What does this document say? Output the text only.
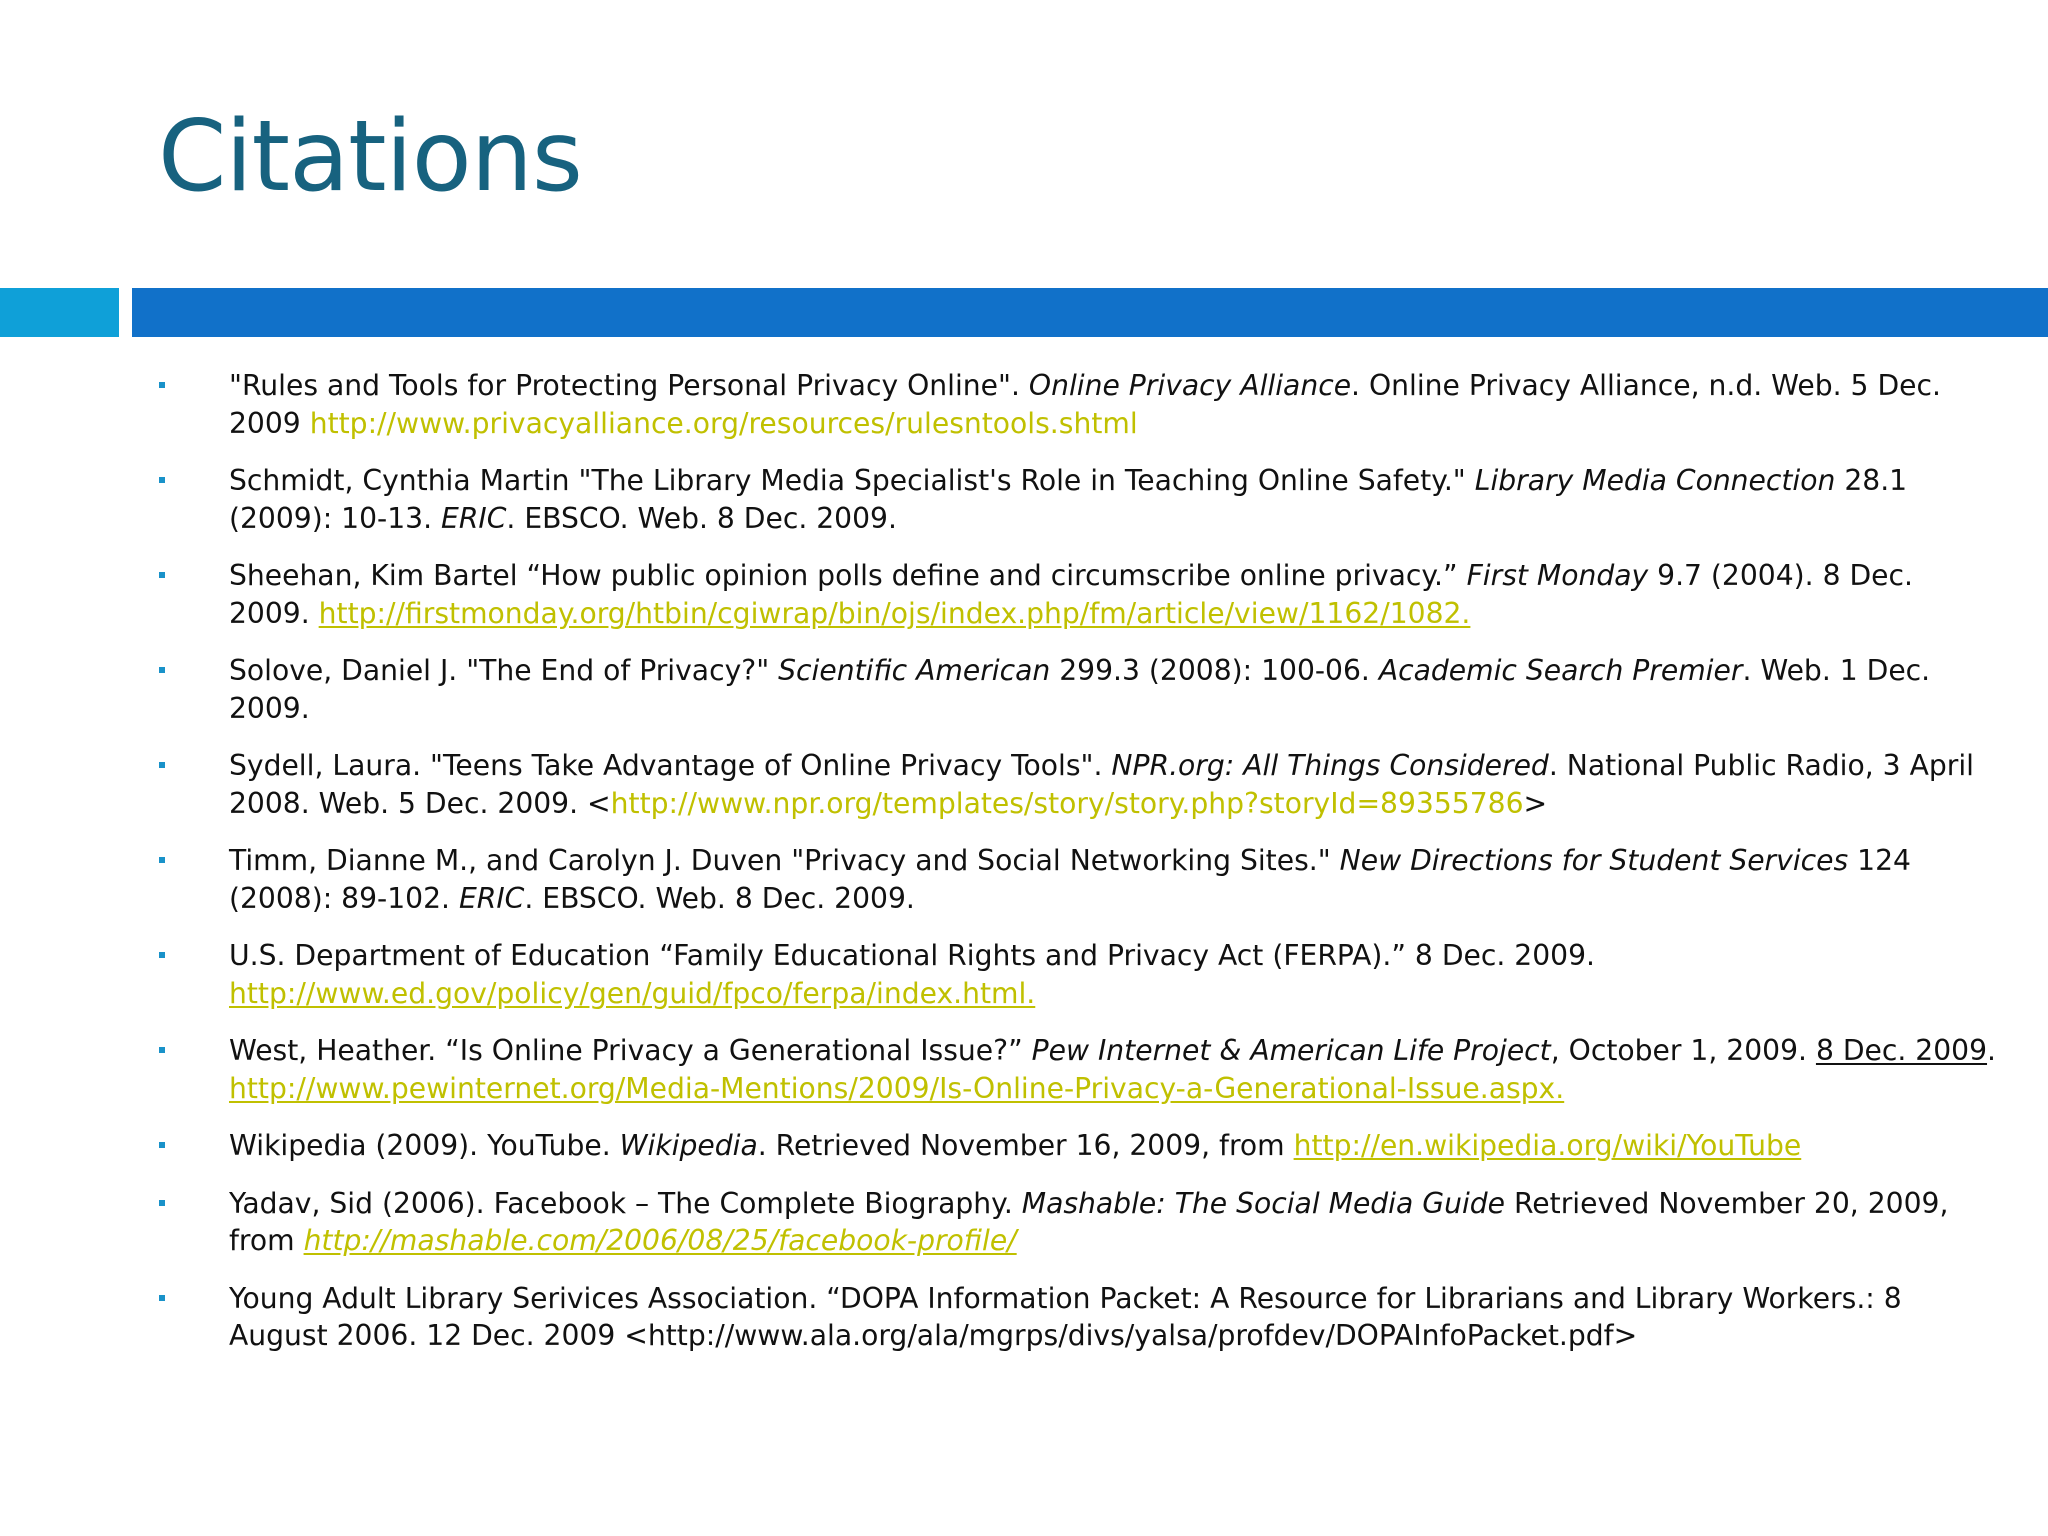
Citations
"Rules and Tools for Protecting Personal Privacy Online". Online Privacy Alliance. Online Privacy Alliance, n.d. Web. 5 Dec. 2009 http://www.privacyalliance.org/resources/rulesntools.shtml
Schmidt, Cynthia Martin "The Library Media Specialist's Role in Teaching Online Safety." Library Media Connection 28.1 (2009): 10-13. ERIC. EBSCO. Web. 8 Dec. 2009.
Sheehan, Kim Bartel “How public opinion polls define and circumscribe online privacy.” First Monday 9.7 (2004). 8 Dec. 2009. http://firstmonday.org/htbin/cgiwrap/bin/ojs/index.php/fm/article/view/1162/1082.
Solove, Daniel J. "The End of Privacy?" Scientific American 299.3 (2008): 100-06. Academic Search Premier. Web. 1 Dec. 2009.
Sydell, Laura. "Teens Take Advantage of Online Privacy Tools". NPR.org: All Things Considered. National Public Radio, 3 April 2008. Web. 5 Dec. 2009. <http://www.npr.org/templates/story/story.php?storyId=89355786>
Timm, Dianne M., and Carolyn J. Duven "Privacy and Social Networking Sites." New Directions for Student Services 124 (2008): 89-102. ERIC. EBSCO. Web. 8 Dec. 2009.
U.S. Department of Education “Family Educational Rights and Privacy Act (FERPA).” 8 Dec. 2009. http://www.ed.gov/policy/gen/guid/fpco/ferpa/index.html.
West, Heather. “Is Online Privacy a Generational Issue?” Pew Internet & American Life Project, October 1, 2009. 8 Dec. 2009. http://www.pewinternet.org/Media-Mentions/2009/Is-Online-Privacy-a-Generational-Issue.aspx.
Wikipedia (2009). YouTube. Wikipedia. Retrieved November 16, 2009, from http://en.wikipedia.org/wiki/YouTube
Yadav, Sid (2006). Facebook – The Complete Biography. Mashable: The Social Media Guide Retrieved November 20, 2009, from http://mashable.com/2006/08/25/facebook-profile/
Young Adult Library Serivices Association. “DOPA Information Packet: A Resource for Librarians and Library Workers.: 8 August 2006. 12 Dec. 2009 <http://www.ala.org/ala/mgrps/divs/yalsa/profdev/DOPAInfoPacket.pdf>
